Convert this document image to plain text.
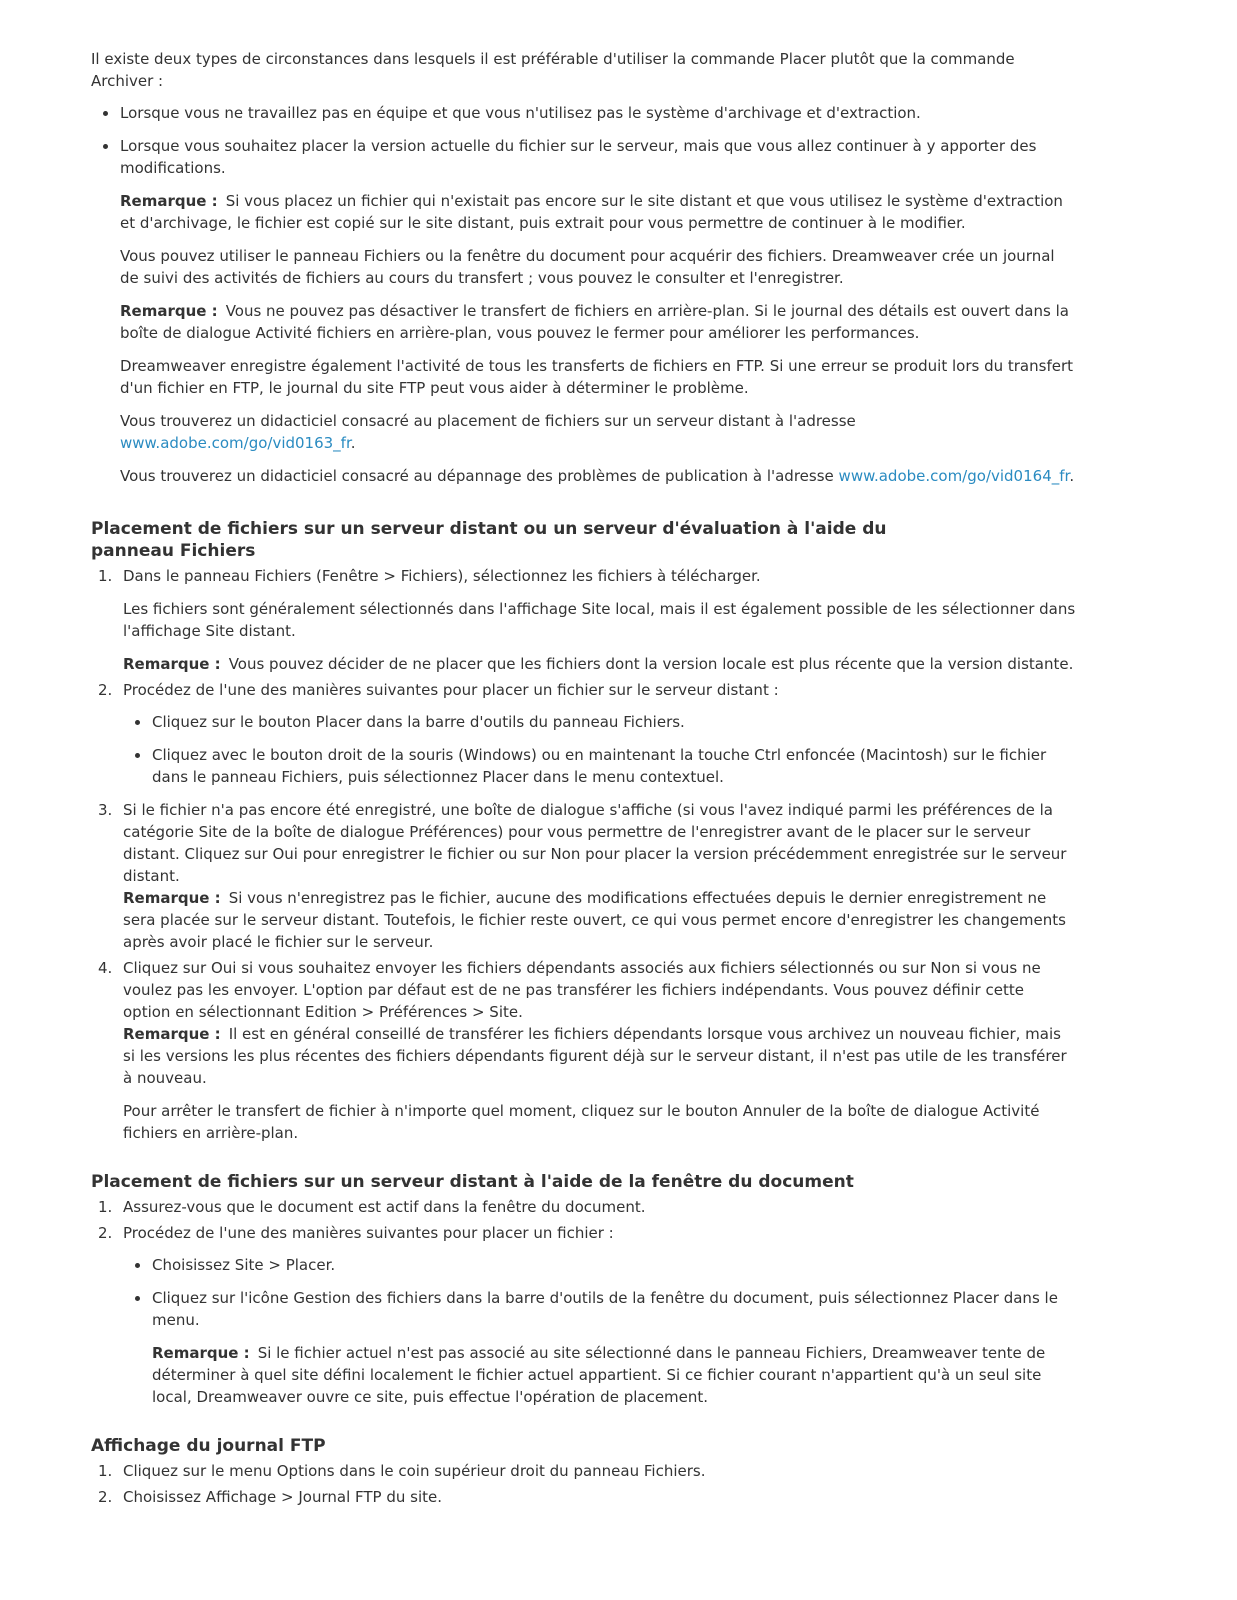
Il existe deux types de circonstances dans lesquels il est préférable d'utiliser la commande Placer plutôt que la commande Archiver :

Lorsque vous ne travaillez pas en équipe et que vous n'utilisez pas le système d'archivage et d'extraction.
Lorsque vous souhaitez placer la version actuelle du fichier sur le serveur, mais que vous allez continuer à y apporter des modifications.

Remarque : Si vous placez un fichier qui n'existait pas encore sur le site distant et que vous utilisez le système d'extraction et d'archivage, le fichier est copié sur le site distant, puis extrait pour vous permettre de continuer à le modifier.

Vous pouvez utiliser le panneau Fichiers ou la fenêtre du document pour acquérir des fichiers. Dreamweaver crée un journal de suivi des activités de fichiers au cours du transfert ; vous pouvez le consulter et l'enregistrer.

Remarque : Vous ne pouvez pas désactiver le transfert de fichiers en arrière-plan. Si le journal des détails est ouvert dans la boîte de dialogue Activité fichiers en arrière-plan, vous pouvez le fermer pour améliorer les performances.

Dreamweaver enregistre également l'activité de tous les transferts de fichiers en FTP. Si une erreur se produit lors du transfert d'un fichier en FTP, le journal du site FTP peut vous aider à déterminer le problème.

Vous trouverez un didacticiel consacré au placement de fichiers sur un serveur distant à l'adresse
www.adobe.com/go/vid0163_fr.

Vous trouverez un didacticiel consacré au dépannage des problèmes de publication à l'adresse www.adobe.com/go/vid0164_fr.

Placement de fichiers sur un serveur distant ou un serveur d'évaluation à l'aide du panneau Fichiers
1. Dans le panneau Fichiers (Fenêtre > Fichiers), sélectionnez les fichiers à télécharger.

Les fichiers sont généralement sélectionnés dans l'affichage Site local, mais il est également possible de les sélectionner dans l'affichage Site distant.

Remarque : Vous pouvez décider de ne placer que les fichiers dont la version locale est plus récente que la version distante.

2. Procédez de l'une des manières suivantes pour placer un fichier sur le serveur distant :
Cliquez sur le bouton Placer dans la barre d'outils du panneau Fichiers.
Cliquez avec le bouton droit de la souris (Windows) ou en maintenant la touche Ctrl enfoncée (Macintosh) sur le fichier dans le panneau Fichiers, puis sélectionnez Placer dans le menu contextuel.
3. Si le fichier n'a pas encore été enregistré, une boîte de dialogue s'affiche (si vous l'avez indiqué parmi les préférences de la catégorie Site de la boîte de dialogue Préférences) pour vous permettre de l'enregistrer avant de le placer sur le serveur distant. Cliquez sur Oui pour enregistrer le fichier ou sur Non pour placer la version précédemment enregistrée sur le serveur distant.

Remarque : Si vous n'enregistrez pas le fichier, aucune des modifications effectuées depuis le dernier enregistrement ne sera placée sur le serveur distant. Toutefois, le fichier reste ouvert, ce qui vous permet encore d'enregistrer les changements après avoir placé le fichier sur le serveur.

4. Cliquez sur Oui si vous souhaitez envoyer les fichiers dépendants associés aux fichiers sélectionnés ou sur Non si vous ne voulez pas les envoyer. L'option par défaut est de ne pas transférer les fichiers indépendants. Vous pouvez définir cette option en sélectionnant Edition > Préférences > Site.

Remarque : Il est en général conseillé de transférer les fichiers dépendants lorsque vous archivez un nouveau fichier, mais si les versions les plus récentes des fichiers dépendants figurent déjà sur le serveur distant, il n'est pas utile de les transférer à nouveau.

Pour arrêter le transfert de fichier à n'importe quel moment, cliquez sur le bouton Annuler de la boîte de dialogue Activité fichiers en arrière-plan.

Placement de fichiers sur un serveur distant à l'aide de la fenêtre du document
1. Assurez-vous que le document est actif dans la fenêtre du document.
2. Procédez de l'une des manières suivantes pour placer un fichier :
Choisissez Site > Placer.
Cliquez sur l'icône Gestion des fichiers dans la barre d'outils de la fenêtre du document, puis sélectionnez Placer dans le menu.

Remarque : Si le fichier actuel n'est pas associé au site sélectionné dans le panneau Fichiers, Dreamweaver tente de déterminer à quel site défini localement le fichier actuel appartient. Si ce fichier courant n'appartient qu'à un seul site local, Dreamweaver ouvre ce site, puis effectue l'opération de placement.

Affichage du journal FTP
1. Cliquez sur le menu Options dans le coin supérieur droit du panneau Fichiers.
2. Choisissez Affichage > Journal FTP du site.
